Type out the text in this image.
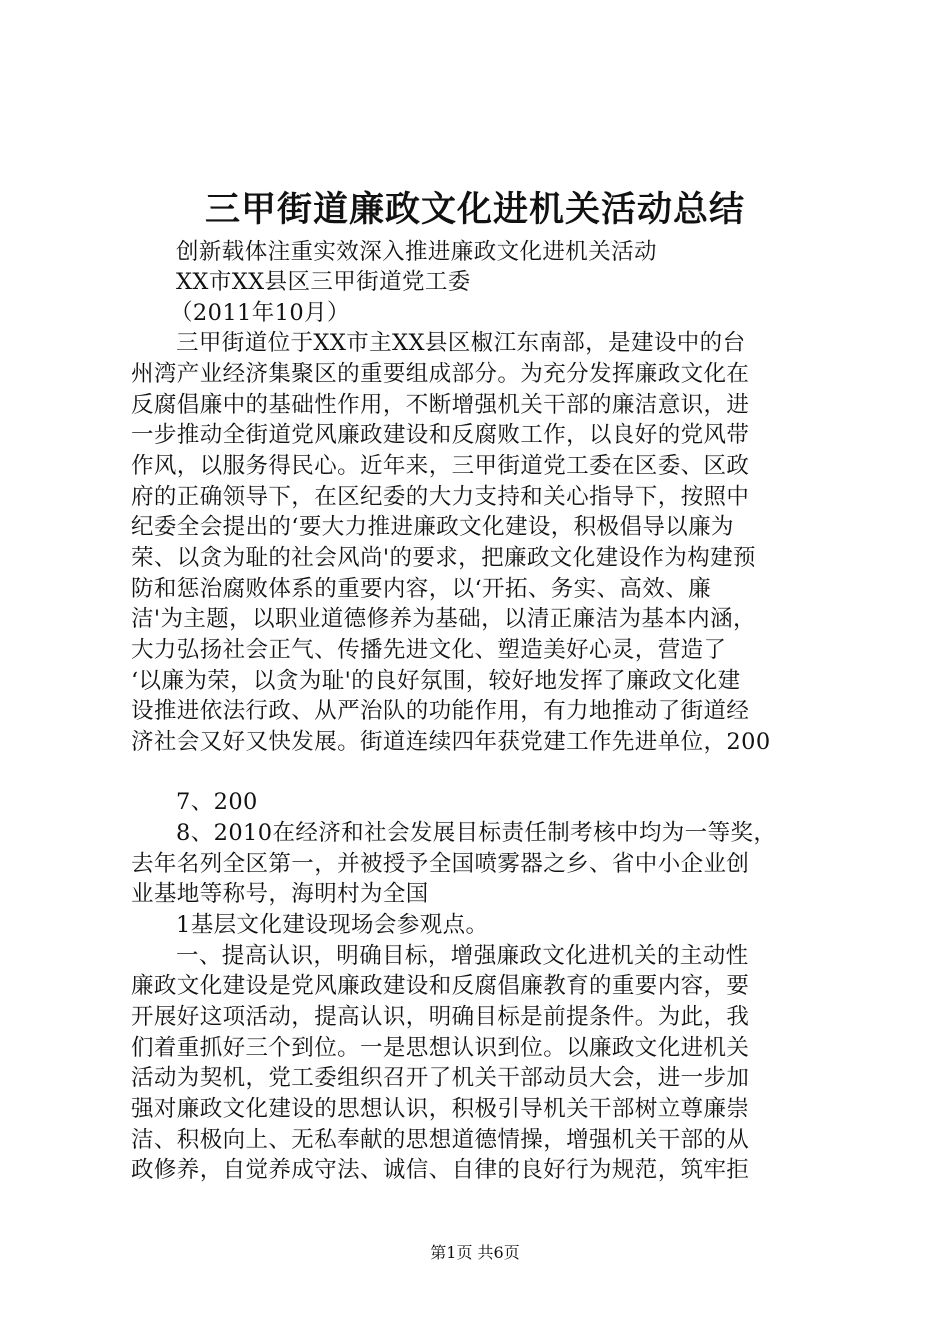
三甲街道廉政文化进机关活动总结
创新载体注重实效深入推进廉政文化进机关活动
XX市XX县区三甲街道党工委
（2011年10月）
三甲街道位于XX市主XX县区椒江东南部，是建设中的台
州湾产业经济集聚区的重要组成部分。为充分发挥廉政文化在
反腐倡廉中的基础性作用，不断增强机关干部的廉洁意识，进
一步推动全街道党风廉政建设和反腐败工作，以良好的党风带
作风，以服务得民心。近年来，三甲街道党工委在区委、区政
府的正确领导下，在区纪委的大力支持和关心指导下，按照中
纪委全会提出的‘要大力推进廉政文化建设，积极倡导以廉为
荣、以贪为耻的社会风尚'的要求，把廉政文化建设作为构建预
防和惩治腐败体系的重要内容，以‘开拓、务实、高效、廉
洁'为主题，以职业道德修养为基础，以清正廉洁为基本内涵，
大力弘扬社会正气、传播先进文化、塑造美好心灵，营造了
‘以廉为荣，以贪为耻'的良好氛围，较好地发挥了廉政文化建
设推进依法行政、从严治队的功能作用，有力地推动了街道经
济社会又好又快发展。街道连续四年获党建工作先进单位，200
7、200
8、2010在经济和社会发展目标责任制考核中均为一等奖，
去年名列全区第一，并被授予全国喷雾器之乡、省中小企业创
业基地等称号，海明村为全国
1基层文化建设现场会参观点。
一、提高认识，明确目标，增强廉政文化进机关的主动性
廉政文化建设是党风廉政建设和反腐倡廉教育的重要内容，要
开展好这项活动，提高认识，明确目标是前提条件。为此，我
们着重抓好三个到位。一是思想认识到位。以廉政文化进机关
活动为契机，党工委组织召开了机关干部动员大会，进一步加
强对廉政文化建设的思想认识，积极引导机关干部树立尊廉崇
洁、积极向上、无私奉献的思想道德情操，增强机关干部的从
政修养，自觉养成守法、诚信、自律的良好行为规范，筑牢拒
第1页 共6页
